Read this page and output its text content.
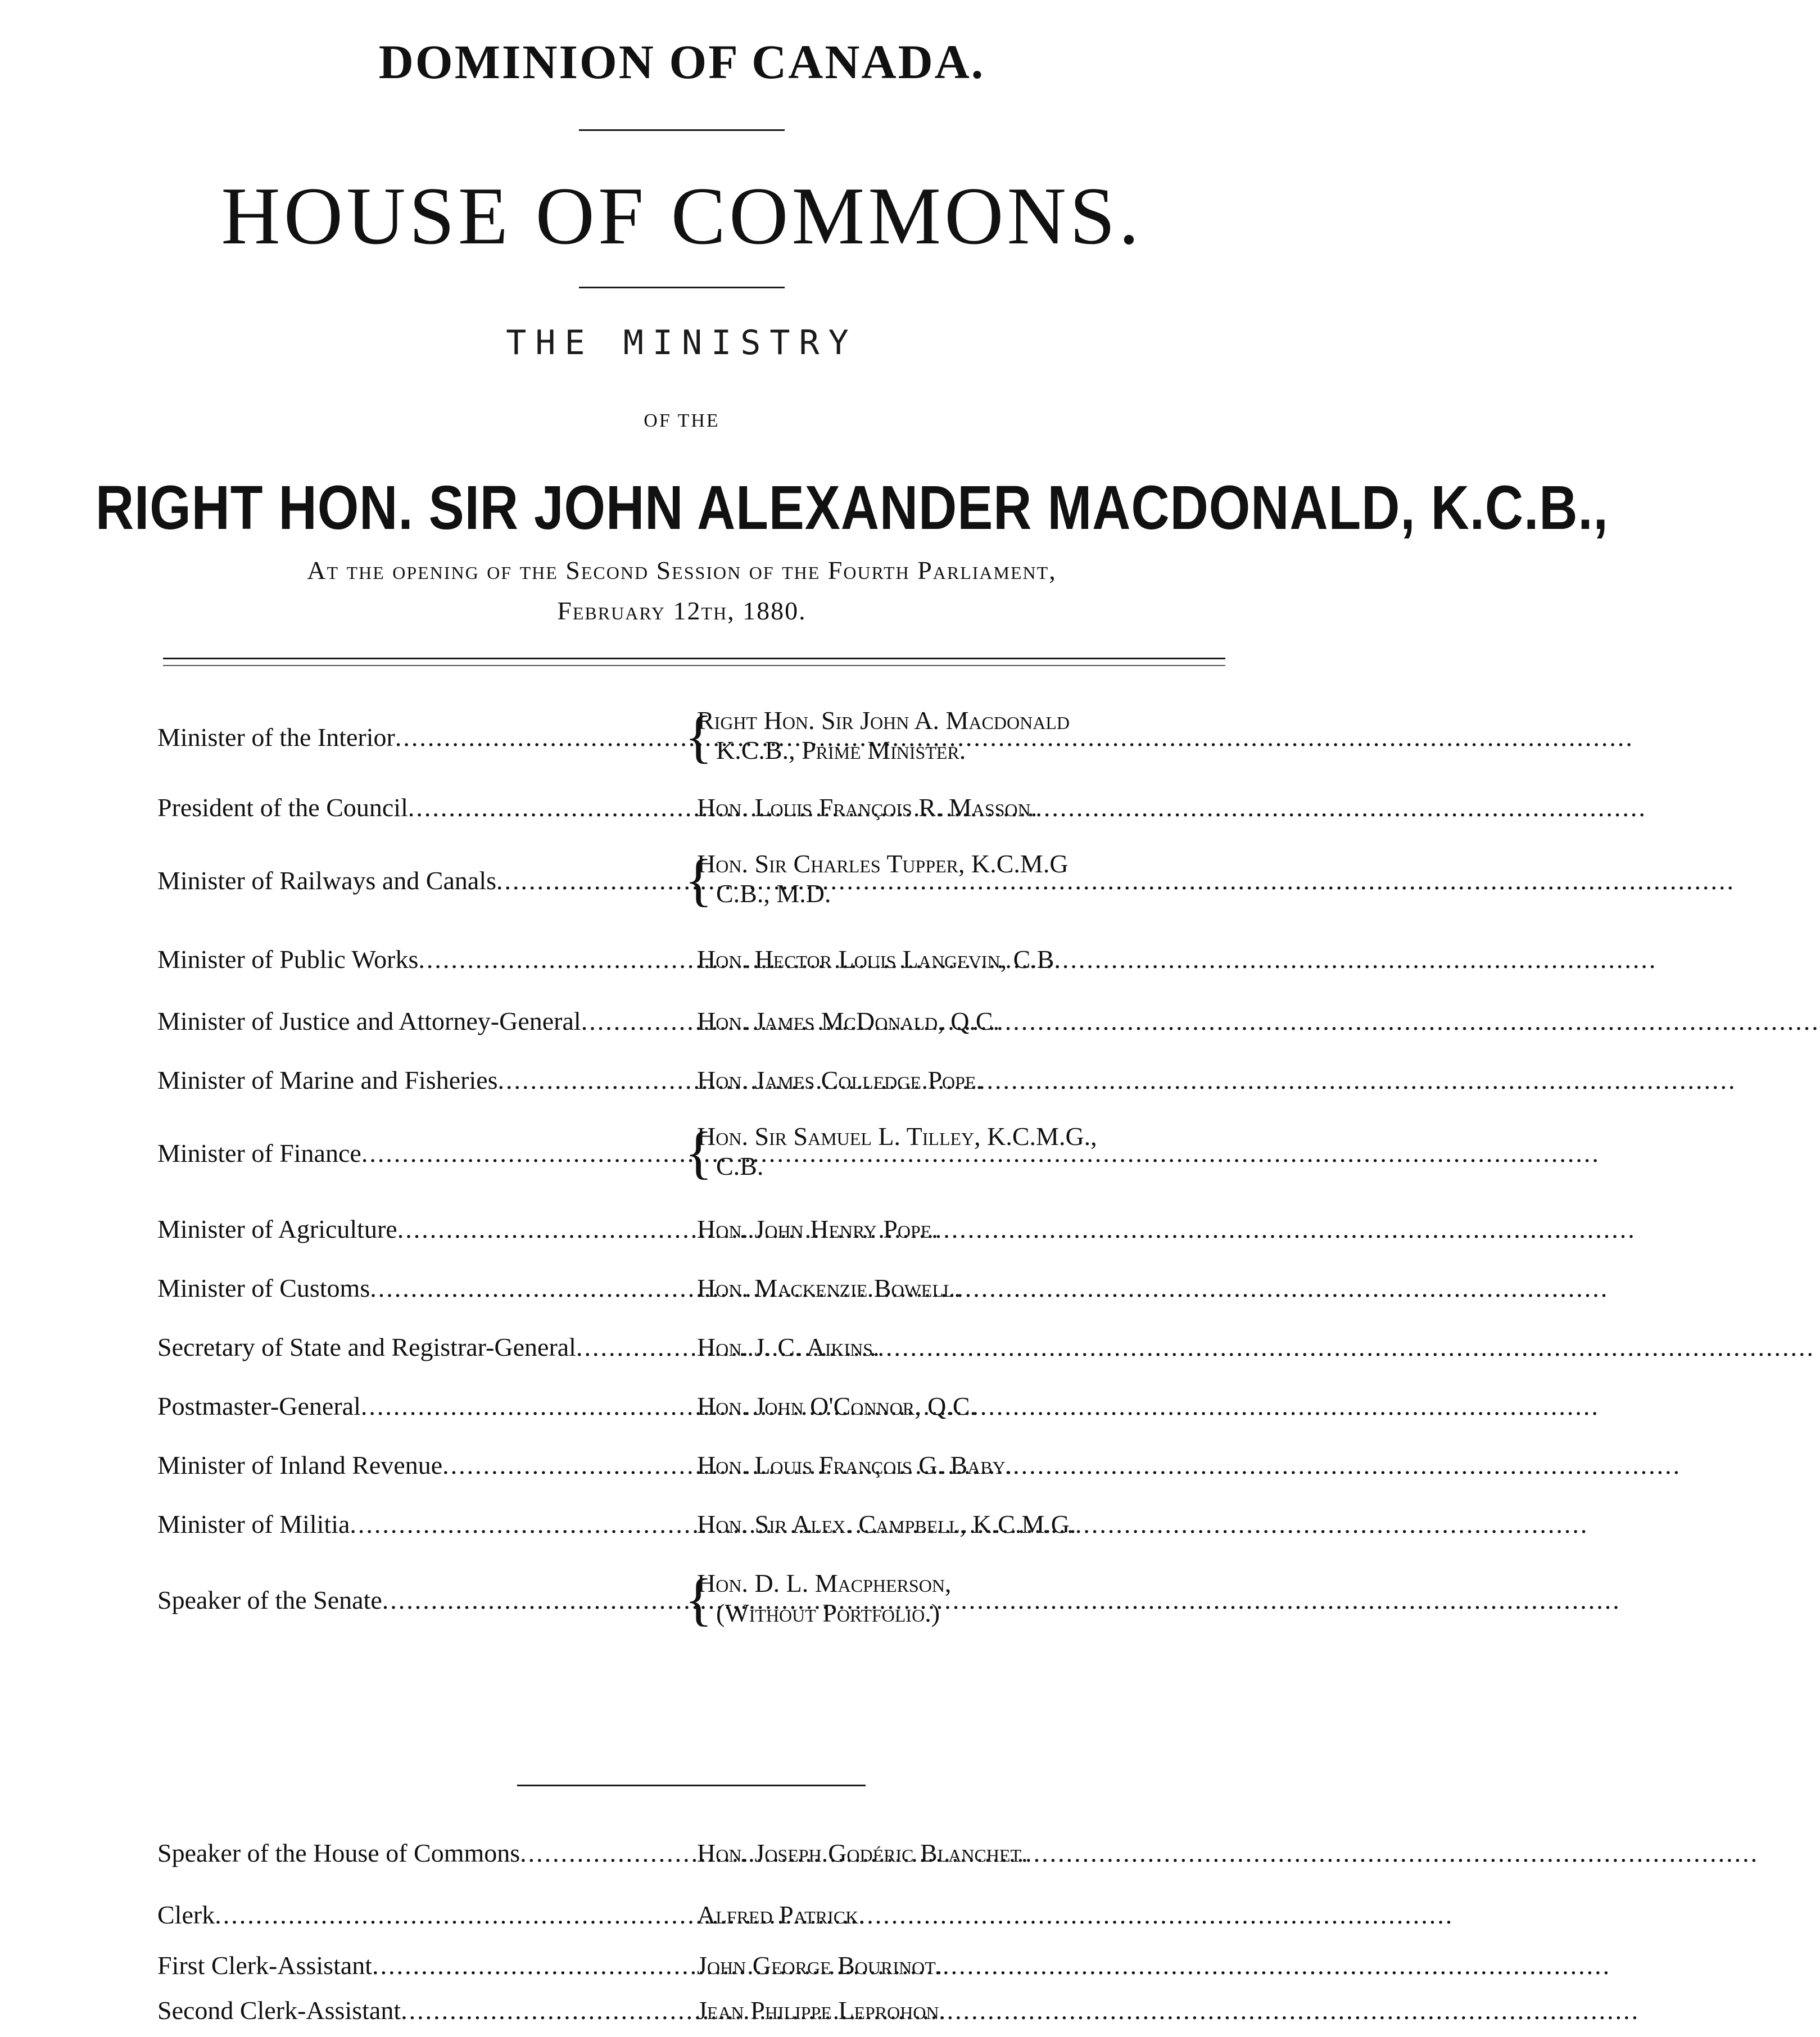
DOMINION OF CANADA.
HOUSE OF COMMONS.
THE MINISTRY
OF THE
RIGHT HON. SIR JOHN ALEXANDER MACDONALD, K.C.B.,
At the opening of the Second Session of the Fourth Parliament,
February 12th, 1880.
Minister of the Interior .....	{
Right Hon. Sir John A. Macdonald
K.C.B., Prime Minister.
President of the Council .....	Hon. Louis François R. Masson.
Minister of Railways and Canals .....	{
Hon. Sir Charles Tupper, K.C.M.G
C.B., M.D.
Minister of Public Works .....	Hon. Hector Louis Langevin, C.B.
Minister of Justice and Attorney-General .....	Hon. James McDonald, Q.C.
Minister of Marine and Fisheries .....	Hon. James Colledge Pope.
Minister of Finance .....	{
Hon. Sir Samuel L. Tilley, K.C.M.G.,
C.B.
Minister of Agriculture .....	Hon. John Henry Pope.
Minister of Customs .....	Hon. Mackenzie Bowell.
Secretary of State and Registrar-General .....	Hon. J. C. Aikins.
Postmaster-General .....	Hon. John O'Connor, Q.C.
Minister of Inland Revenue .....	Hon. Louis François G. Baby.
Minister of Militia .....	Hon. Sir Alex. Campbell, K.C.M.G.
Speaker of the Senate .....	{
Hon. D. L. Macpherson,
(Without Portfolio.)
Speaker of the House of Commons .....	Hon. Joseph Godéric Blanchet.
Clerk .....	Alfred Patrick.
First Clerk-Assistant .....	John George Bourinot.
Second Clerk-Assistant .....	Jean Philippe Leprohon.
